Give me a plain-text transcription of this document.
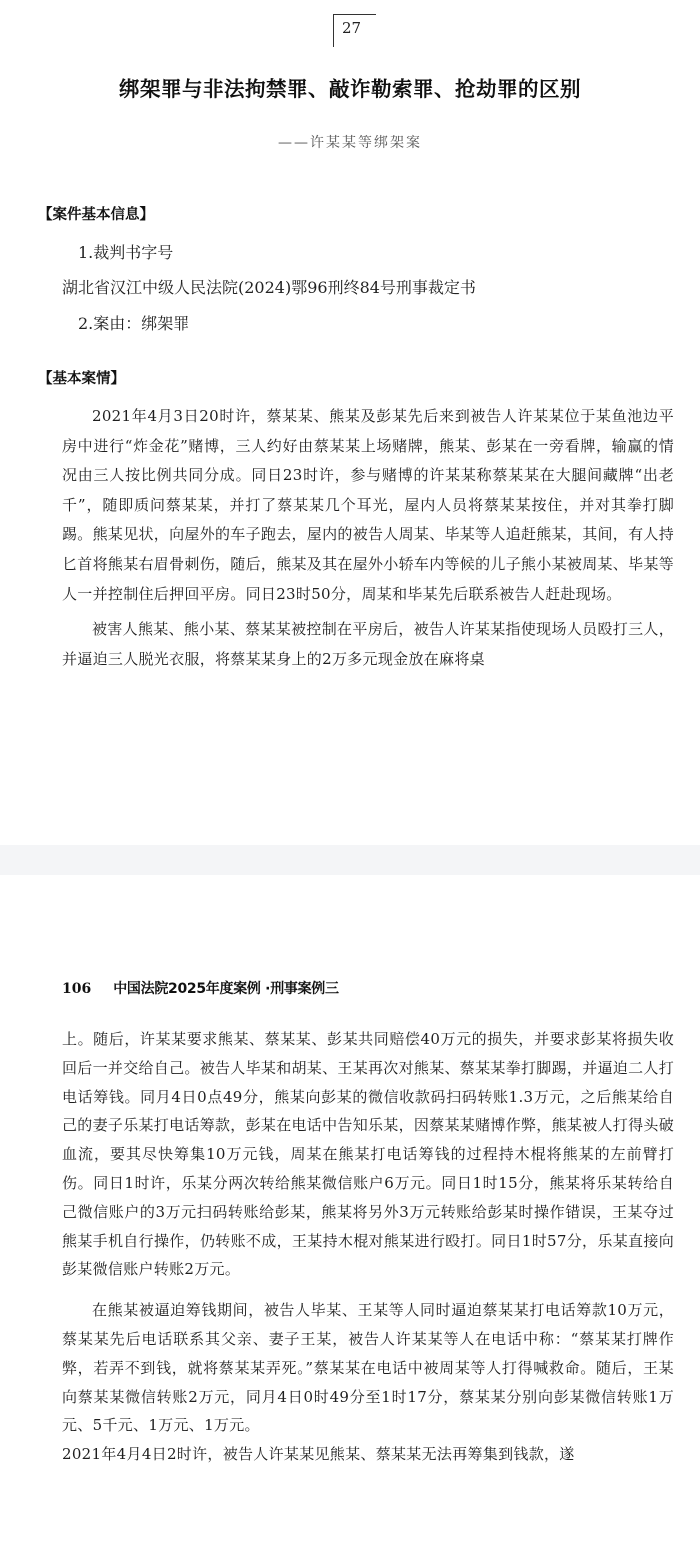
27
绑架罪与非法拘禁罪、敲诈勒索罪、抢劫罪的区别
——许某某等绑架案
【案件基本信息】
1.裁判书字号
湖北省汉江中级人民法院(2024)鄂96刑终84号刑事裁定书
2.案由：绑架罪
【基本案情】

2021年4月3日20时许，蔡某某、熊某及彭某先后来到被告人许某某位于某鱼池边平房中进行“炸金花”赌博，三人约好由蔡某某上场赌牌，熊某、彭某在一旁看牌，输赢的情况由三人按比例共同分成。同日23时许，参与赌博的许某某称蔡某某在大腿间藏牌“出老千”，随即质问蔡某某，并打了蔡某某几个耳光，屋内人员将蔡某某按住，并对其拳打脚踢。熊某见状，向屋外的车子跑去，屋内的被告人周某、毕某等人追赶熊某，其间，有人持匕首将熊某右眉骨刺伤，随后，熊某及其在屋外小轿车内等候的儿子熊小某被周某、毕某等人一并控制住后押回平房。同日23时50分，周某和毕某先后联系被告人赶赴现场。

被害人熊某、熊小某、蔡某某被控制在平房后，被告人许某某指使现场人员殴打三人，并逼迫三人脱光衣服，将蔡某某身上的2万多元现金放在麻将桌

106 中国法院2025年度案例 ·刑事案例三

上。随后，许某某要求熊某、蔡某某、彭某共同赔偿40万元的损失，并要求彭某将损失收回后一并交给自己。被告人毕某和胡某、王某再次对熊某、蔡某某拳打脚踢，并逼迫二人打电话筹钱。同月4日0点49分，熊某向彭某的微信收款码扫码转账1.3万元，之后熊某给自己的妻子乐某打电话筹款，彭某在电话中告知乐某，因蔡某某赌博作弊，熊某被人打得头破血流，要其尽快筹集10万元钱，周某在熊某打电话筹钱的过程持木棍将熊某的左前臂打伤。同日1时许，乐某分两次转给熊某微信账户6万元。同日1时15分，熊某将乐某转给自己微信账户的3万元扫码转账给彭某，熊某将另外3万元转账给彭某时操作错误，王某夺过熊某手机自行操作，仍转账不成，王某持木棍对熊某进行殴打。同日1时57分，乐某直接向彭某微信账户转账2万元。

在熊某被逼迫筹钱期间，被告人毕某、王某等人同时逼迫蔡某某打电话筹款10万元，蔡某某先后电话联系其父亲、妻子王某，被告人许某某等人在电话中称：“蔡某某打牌作弊，若弄不到钱，就将蔡某某弄死。”蔡某某在电话中被周某等人打得喊救命。随后，王某向蔡某某微信转账2万元，同月4日0时49分至1时17分，蔡某某分别向彭某微信转账1万元、5千元、1万元、1万元。

2021年4月4日2时许，被告人许某某见熊某、蔡某某无法再筹集到钱款，遂
